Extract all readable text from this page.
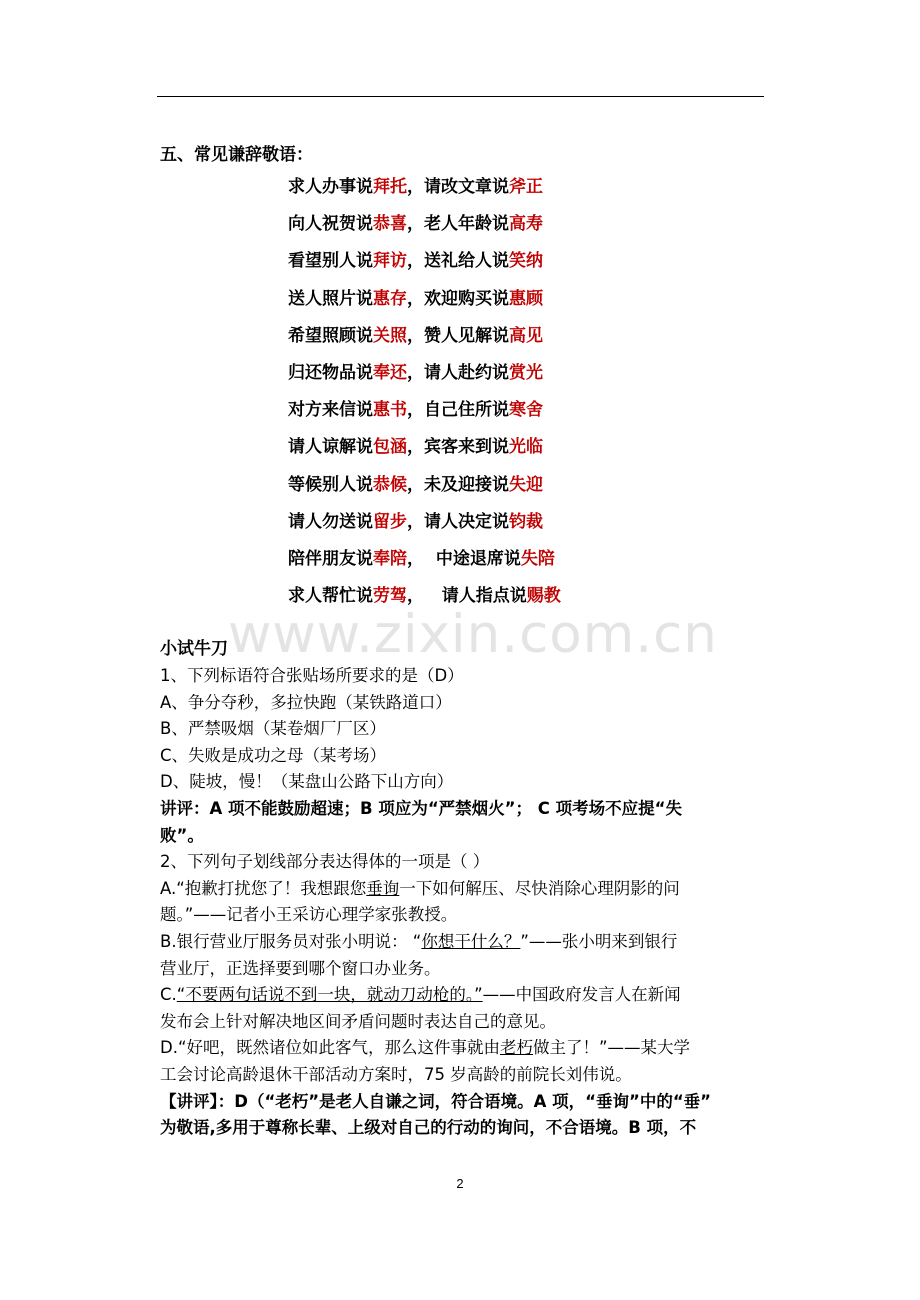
www.zixin.com.cn
五、常见谦辞敬语：
求人办事说拜托，请改文章说斧正
向人祝贺说恭喜，老人年龄说高寿
看望别人说拜访，送礼给人说笑纳
送人照片说惠存，欢迎购买说惠顾
希望照顾说关照，赞人见解说高见
归还物品说奉还，请人赴约说赏光
对方来信说惠书，自己住所说寒舍
请人谅解说包涵，宾客来到说光临
等候别人说恭候，未及迎接说失迎
请人勿送说留步，请人决定说钧裁
陪伴朋友说奉陪，  中途退席说失陪
求人帮忙说劳驾，   请人指点说赐教
小试牛刀
1、下列标语符合张贴场所要求的是（D）
A、争分夺秒，多拉快跑（某铁路道口）
B、严禁吸烟（某卷烟厂厂区）
C、失败是成功之母（某考场）
D、陡坡，慢！（某盘山公路下山方向）
讲评：A 项不能鼓励超速；B 项应为“严禁烟火”； C 项考场不应提“失
败”。
2、下列句子划线部分表达得体的一项是（ ）
A.“抱歉打扰您了！我想跟您垂询一下如何解压、尽快消除心理阴影的问
题。”——记者小王采访心理学家张教授。
B.银行营业厅服务员对张小明说： “你想干什么？”——张小明来到银行
营业厅，正选择要到哪个窗口办业务。
C.“不要两句话说不到一块，就动刀动枪的。”——中国政府发言人在新闻
发布会上针对解决地区间矛盾问题时表达自己的意见。
D.“好吧，既然诸位如此客气，那么这件事就由老朽做主了！”——某大学
工会讨论高龄退休干部活动方案时，75 岁高龄的前院长刘伟说。
【讲评】：D（“老朽”是老人自谦之词，符合语境。A 项，“垂询”中的“垂”
为敬语,多用于尊称长辈、上级对自己的行动的询问，不合语境。B 项，不
2
